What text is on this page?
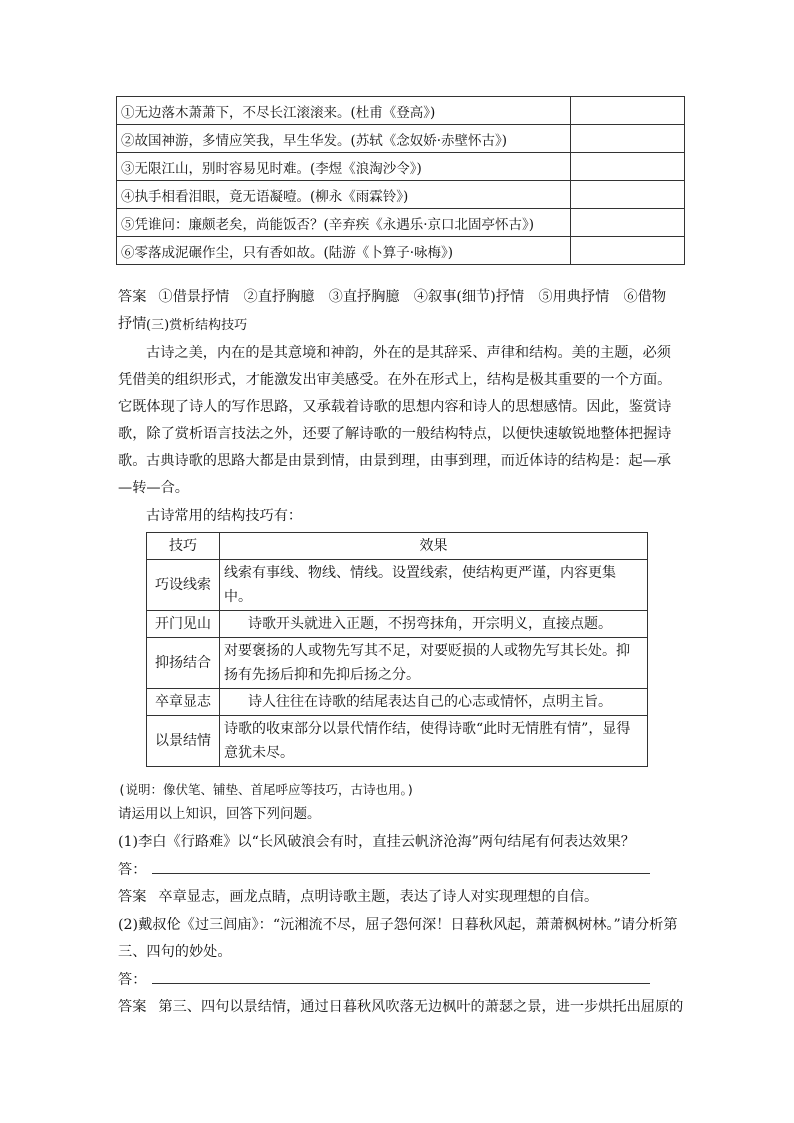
①无边落木萧萧下，不尽长江滚滚来。(杜甫《登高》)	
②故国神游，多情应笑我，早生华发。(苏轼《念奴娇·赤壁怀古》)	
③无限江山，别时容易见时难。(李煜《浪淘沙令》)	
④执手相看泪眼，竟无语凝噎。(柳永《雨霖铃》)	
⑤凭谁问：廉颇老矣，尚能饭否？(辛弃疾《永遇乐·京口北固亭怀古》)	
⑥零落成泥碾作尘，只有香如故。(陆游《卜算子·咏梅》)	
答案 ①借景抒情　②直抒胸臆　③直抒胸臆　④叙事(细节)抒情　⑤用典抒情　⑥借物抒情 (三)赏析结构技巧
古诗之美，内在的是其意境和神韵，外在的是其辞采、声律和结构。美的主题，必须凭借美的组织形式，才能激发出审美感受。在外在形式上，结构是极其重要的一个方面。它既体现了诗人的写作思路，又承载着诗歌的思想内容和诗人的思想感情。因此，鉴赏诗歌，除了赏析语言技法之外，还要了解诗歌的一般结构特点，以便快速敏锐地整体把握诗歌。 古典诗歌的思路大都是由景到情，由景到理，由事到理，而近体诗的结构是：起—承—转—合。
古诗常用的结构技巧有：
技巧	效果
巧设线索	线索有事线、物线、情线。设置线索，使结构更严谨，内容更集中。
开门见山	诗歌开头就进入正题，不拐弯抹角，开宗明义，直接点题。
抑扬结合	对要褒扬的人或物先写其不足，对要贬损的人或物先写其长处。抑扬有先扬后抑和先抑后扬之分。
卒章显志	诗人往往在诗歌的结尾表达自己的心志或情怀，点明主旨。
以景结情	诗歌的收束部分以景代情作结，使得诗歌“此时无情胜有情”，显得意犹未尽。
(说明：像伏笔、铺垫、首尾呼应等技巧，古诗也用。)
请运用以上知识，回答下列问题。
(1)李白《行路难》以“长风破浪会有时，直挂云帆济沧海”两句结尾有何表达效果？
答：
答案 卒章显志，画龙点睛，点明诗歌主题，表达了诗人对实现理想的自信。
(2)戴叔伦《过三闾庙》：“沅湘流不尽，屈子怨何深！日暮秋风起，萧萧枫树林。”请分析第三、四句的妙处。
答：
答案 第三、四句以景结情，通过日暮秋风吹落无边枫叶的萧瑟之景，进一步烘托出屈原的
